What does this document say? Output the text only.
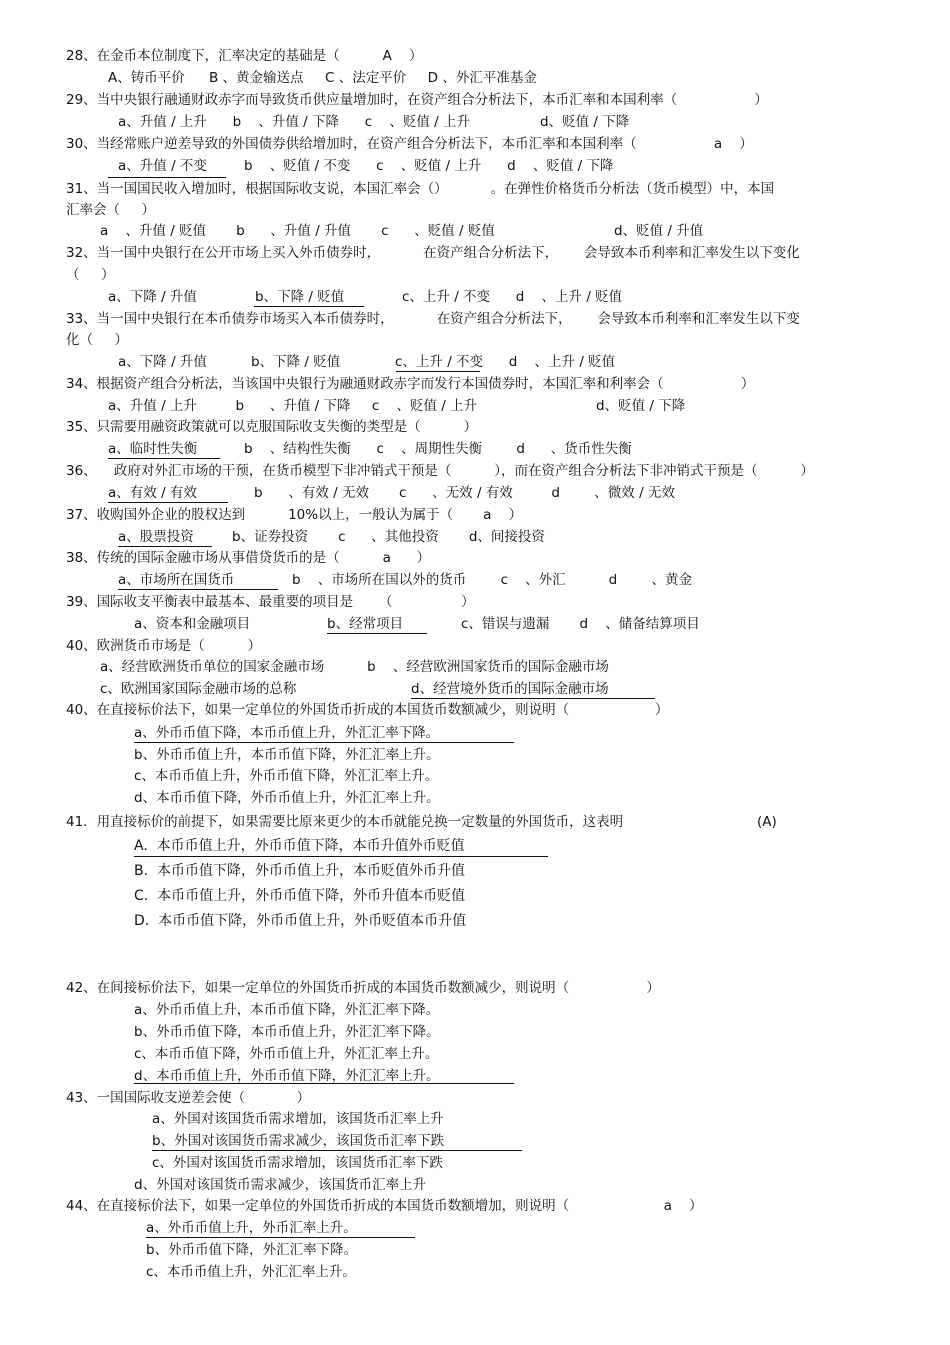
28、在金币本位制度下，汇率决定的基础是（          A    ）
A、铸币平价 B 、黄金输送点     C 、法定平价     D 、外汇平准基金
29、当中央银行融通财政赤字而导致货币供应量增加时，在资产组合分析法下，本币汇率和本国利率（                  ）
a、升值 / 上升      b    、升值 / 下降      c    、贬值 / 上升	d、贬值 / 下降
30、当经常账户逆差导致的外国债券供给增加时，在资产组合分析法下，本币汇率和本国利率（                  a    ）
a、升值 / 不变	b    、贬值 / 不变      c    、贬值 / 上升      d    、贬值 / 下降
31、当一国国民收入增加时，根据国际收支说，本国汇率会（）          。在弹性价格货币分析法（货币模型）中，本国
汇率会（     ）
a    、升值 / 贬值       b      、升值 / 升值       c      、贬值 / 贬值	d、贬值 / 升值
32、当一国中央银行在公开市场上买入外币债券时，          在资产组合分析法下，      会导致本币利率和汇率发生以下变化
（     ）
a、下降 / 升值	b、下降 / 贬值	c、上升 / 不变      d    、上升 / 贬值
33、当一国中央银行在本币债券市场买入本币债券时，          在资产组合分析法下，      会导致本币利率和汇率发生以下变
化（     ）
a、下降 / 升值	b、下降 / 贬值	c、上升 / 不变      d    、上升 / 贬值
34、根据资产组合分析法，当该国中央银行为融通财政赤字而发行本国债券时，本国汇率和利率会（                  ）
a、升值 / 上升         b      、升值 / 下降     c    、贬值 / 上升	d、贬值 / 下降
35、只需要用融资政策就可以克服国际收支失衡的类型是（          ）
a、临时性失衡	b    、结构性失衡      c    、周期性失衡        d      、货币性失衡
36、    政府对外汇市场的干预，在货币模型下非冲销式干预是（          ），而在资产组合分析法下非冲销式干预是（          ）
a、有效 / 有效	b      、有效 / 无效       c      、无效 / 有效         d        、微效 / 无效
37、收购国外企业的股权达到          10%以上，一般认为属于（       a    ）
a、股票投资	b、证券投资       c      、其他投资       d、间接投资
38、传统的国际金融市场从事借贷货币的是（          a      ）
a、市场所在国货币	b    、市场所在国以外的货币        c    、外汇          d        、黄金
39、国际收支平衡表中最基本、最重要的项目是      （                ）
a、资本和金融项目	b、经常项目	c、错误与遗漏       d    、储备结算项目
40、欧洲货币市场是（          ）
a、经营欧洲货币单位的国家金融市场          b    、经营欧洲国家货币的国际金融市场
c、欧洲国家国际金融市场的总称	d、经营境外货币的国际金融市场
40、在直接标价法下，如果一定单位的外国货币折成的本国货币数额减少，则说明（                    ）
a、外币币值下降，本币币值上升，外汇汇率下降。
b、外币币值上升，本币币值下降，外汇汇率上升。
c、本币币值上升，外币币值下降，外汇汇率上升。
d、本币币值下降，外币币值上升，外汇汇率上升。
41．用直接标价的前提下，如果需要比原来更少的本币就能兑换一定数量的外国货币，这表明	(A)
A.  本币币值上升，外币币值下降，本币升值外币贬值
B.  本币币值下降，外币币值上升，本币贬值外币升值
C.  本币币值上升，外币币值下降，外币升值本币贬值
D.  本币币值下降，外币币值上升，外币贬值本币升值
42、在间接标价法下，如果一定单位的外国货币折成的本国货币数额减少，则说明（                  ）
a、外币币值上升，本币币值下降，外汇汇率下降。
b、外币币值下降，本币币值上升，外汇汇率下降。
c、本币币值下降，外币币值上升，外汇汇率上升。
d、本币币值上升，外币币值下降，外汇汇率上升。
43、一国国际收支逆差会使（            ）
a、外国对该国货币需求增加，该国货币汇率上升
b、外国对该国货币需求减少，该国货币汇率下跌
c、外国对该国货币需求增加，该国货币汇率下跌
d、外国对该国货币需求减少，该国货币汇率上升
44、在直接标价法下，如果一定单位的外国货币折成的本国货币数额增加，则说明（                      a    ）
a、外币币值上升，外币汇率上升。
b、外币币值下降，外汇汇率下降。
c、本币币值上升，外汇汇率上升。
